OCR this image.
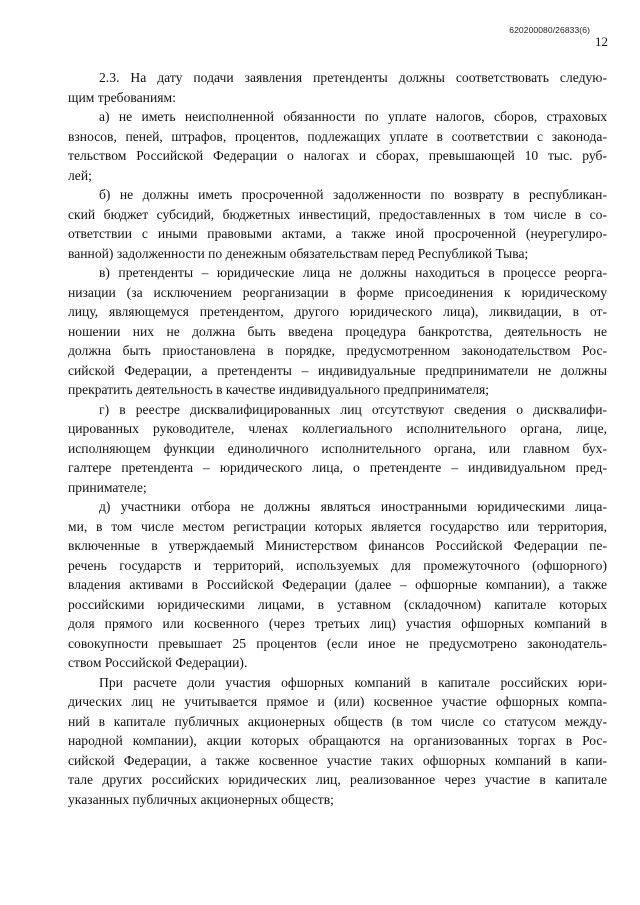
620200080/26833(6)
12
2.3. На дату подачи заявления претенденты должны соответствовать следую-
щим требованиям:
а) не иметь неисполненной обязанности по уплате налогов, сборов, страховых
взносов, пеней, штрафов, процентов, подлежащих уплате в соответствии с законода-
тельством Российской Федерации о налогах и сборах, превышающей 10 тыс. руб-
лей;
б) не должны иметь просроченной задолженности по возврату в республикан-
ский бюджет субсидий, бюджетных инвестиций, предоставленных в том числе в со-
ответствии с иными правовыми актами, а также иной просроченной (неурегулиро-
ванной) задолженности по денежным обязательствам перед Республикой Тыва;
в) претенденты – юридические лица не должны находиться в процессе реорга-
низации (за исключением реорганизации в форме присоединения к юридическому
лицу, являющемуся претендентом, другого юридического лица), ликвидации, в от-
ношении них не должна быть введена процедура банкротства, деятельность не
должна быть приостановлена в порядке, предусмотренном законодательством Рос-
сийской Федерации, а претенденты – индивидуальные предприниматели не должны
прекратить деятельность в качестве индивидуального предпринимателя;
г) в реестре дисквалифицированных лиц отсутствуют сведения о дисквалифи-
цированных руководителе, членах коллегиального исполнительного органа, лице,
исполняющем функции единоличного исполнительного органа, или главном бух-
галтере претендента – юридического лица, о претенденте – индивидуальном пред-
принимателе;
д) участники отбора не должны являться иностранными юридическими лица-
ми, в том числе местом регистрации которых является государство или территория,
включенные в утверждаемый Министерством финансов Российской Федерации пе-
речень государств и территорий, используемых для промежуточного (офшорного)
владения активами в Российской Федерации (далее – офшорные компании), а также
российскими юридическими лицами, в уставном (складочном) капитале которых
доля прямого или косвенного (через третьих лиц) участия офшорных компаний в
совокупности превышает 25 процентов (если иное не предусмотрено законодатель-
ством Российской Федерации).
При расчете доли участия офшорных компаний в капитале российских юри-
дических лиц не учитывается прямое и (или) косвенное участие офшорных компа-
ний в капитале публичных акционерных обществ (в том числе со статусом между-
народной компании), акции которых обращаются на организованных торгах в Рос-
сийской Федерации, а также косвенное участие таких офшорных компаний в капи-
тале других российских юридических лиц, реализованное через участие в капитале
указанных публичных акционерных обществ;
